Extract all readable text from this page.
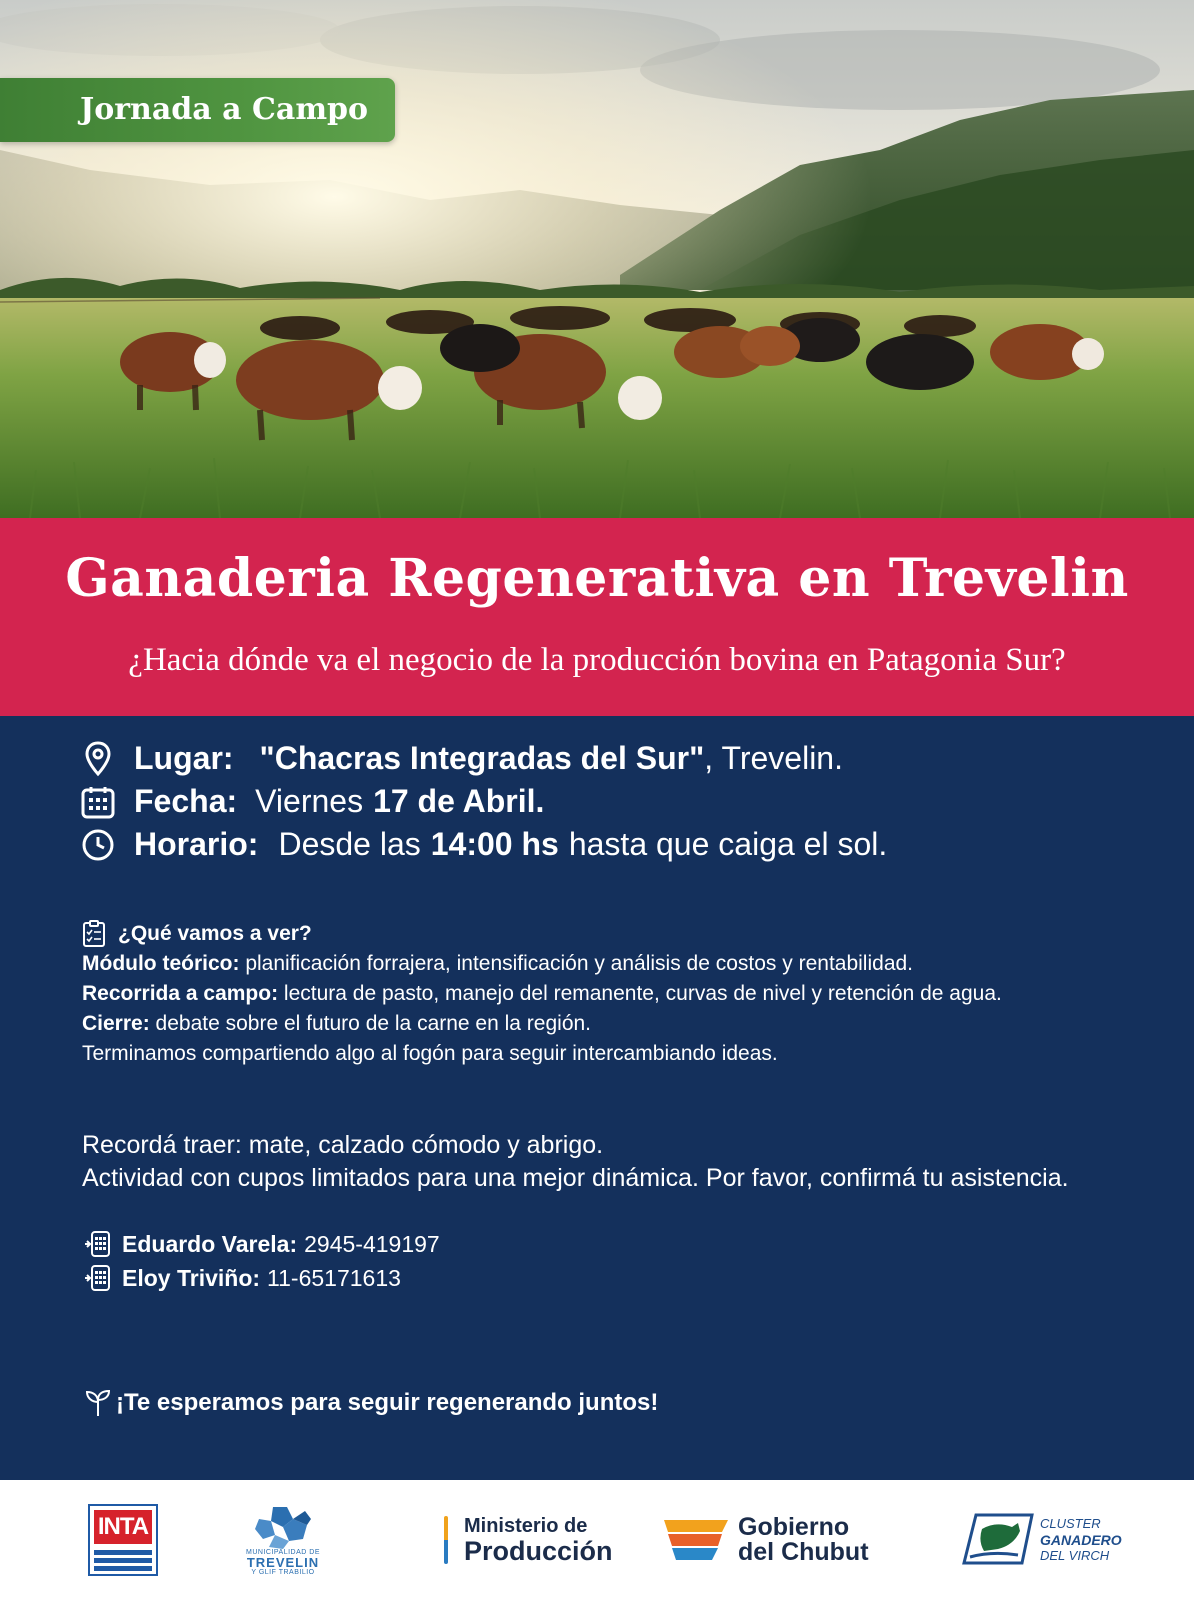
Jornada a Campo
Ganaderia Regenerativa en Trevelin
¿Hacia dónde va el negocio de la producción bovina en Patagonia Sur?
Lugar: "Chacras Integradas del Sur" , Trevelin.
Fecha: Viernes 17 de Abril.
Horario: Desde las 14:00 hs hasta que caiga el sol.
¿Qué vamos a ver?
Módulo teórico: planificación forrajera, intensificación y análisis de costos y rentabilidad.
Recorrida a campo: lectura de pasto, manejo del remanente, curvas de nivel y retención de agua.
Cierre: debate sobre el futuro de la carne en la región.
Terminamos compartiendo algo al fogón para seguir intercambiando ideas.
Recordá traer: mate, calzado cómodo y abrigo.
Actividad con cupos limitados para una mejor dinámica. Por favor, confirmá tu asistencia.
Eduardo Varela: 2945-419197
Eloy Triviño: 11-65171613
¡Te esperamos para seguir regenerando juntos!
INTA
MUNICIPALIDAD DE
TREVELIN
Y GLIF TRABILIO
Ministerio de
Producción
Gobierno
del Chubut
CLUSTER
GANADERO
DEL VIRCH
